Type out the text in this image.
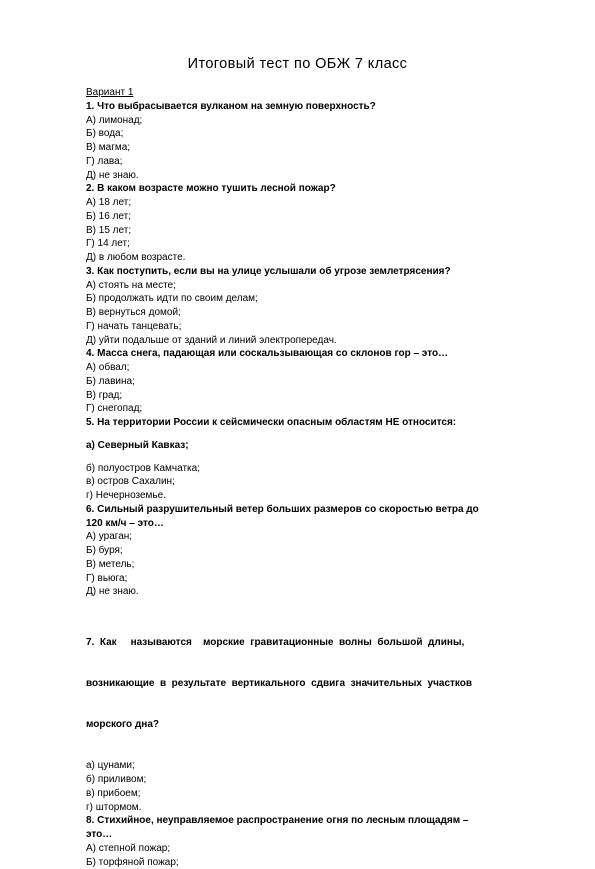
Итоговый тест по ОБЖ 7 класс
Вариант 1
1. Что выбрасывается вулканом на земную поверхность?
А) лимонад;
Б) вода;
В) магма;
Г) лава;
Д) не знаю.
2. В каком возрасте можно тушить лесной пожар?
А) 18 лет;
Б) 16 лет;
В) 15 лет;
Г) 14 лет;
Д) в любом возрасте.
3. Как поступить, если вы на улице услышали об угрозе землетрясения?
А) стоять на месте;
Б) продолжать идти по своим делам;
В) вернуться домой;
Г) начать танцевать;
Д) уйти подальше от зданий и линий электропередач.
4. Масса снега, падающая или соскальзывающая со склонов гор – это…
А) обвал;
Б) лавина;
В) град;
Г) снегопад;
5. На территории России к сейсмически опасным областям НЕ относится:
а) Северный Кавказ;
б) полуостров Камчатка;
в) остров Сахалин;
г) Нечерноземье.
6. Сильный разрушительный ветер больших размеров со скоростью ветра до
120 км/ч – это…
А) ураган;
Б) буря;
В) метель;
Г) вьюга;
Д) не знаю.

7.  Как     называются    морские  гравитационные  волны  большой  длины,

возникающие  в  результате  вертикального  сдвига  значительных  участков

морского дна?

а) цунами;
б) приливом;
в) прибоем;
г) штормом.
8. Стихийное, неуправляемое распространение огня по лесным площадям –
это…
А) степной пожар;
Б) торфяной пожар;
